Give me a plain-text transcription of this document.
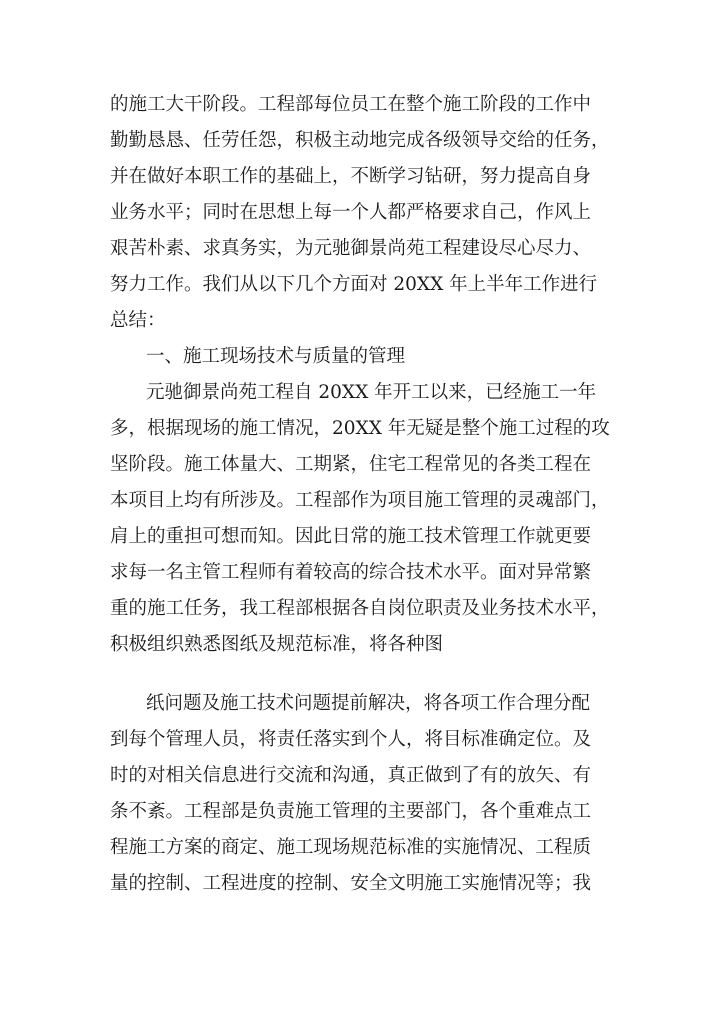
的施工大干阶段。工程部每位员工在整个施工阶段的工作中
勤勤恳恳、任劳任怨，积极主动地完成各级领导交给的任务，
并在做好本职工作的基础上，不断学习钻研，努力提高自身
业务水平；同时在思想上每一个人都严格要求自己，作风上
艰苦朴素、求真务实，为元驰御景尚苑工程建设尽心尽力、
努力工作。我们从以下几个方面对 20XX 年上半年工作进行
总结：
一、施工现场技术与质量的管理
元驰御景尚苑工程自 20XX 年开工以来，已经施工一年
多，根据现场的施工情况，20XX 年无疑是整个施工过程的攻
坚阶段。施工体量大、工期紧，住宅工程常见的各类工程在
本项目上均有所涉及。工程部作为项目施工管理的灵魂部门，
肩上的重担可想而知。因此日常的施工技术管理工作就更要
求每一名主管工程师有着较高的综合技术水平。面对异常繁
重的施工任务，我工程部根据各自岗位职责及业务技术水平，
积极组织熟悉图纸及规范标准，将各种图
纸问题及施工技术问题提前解决，将各项工作合理分配
到每个管理人员，将责任落实到个人，将目标准确定位。及
时的对相关信息进行交流和沟通，真正做到了有的放矢、有
条不紊。工程部是负责施工管理的主要部门，各个重难点工
程施工方案的商定、施工现场规范标准的实施情况、工程质
量的控制、工程进度的控制、安全文明施工实施情况等；我
